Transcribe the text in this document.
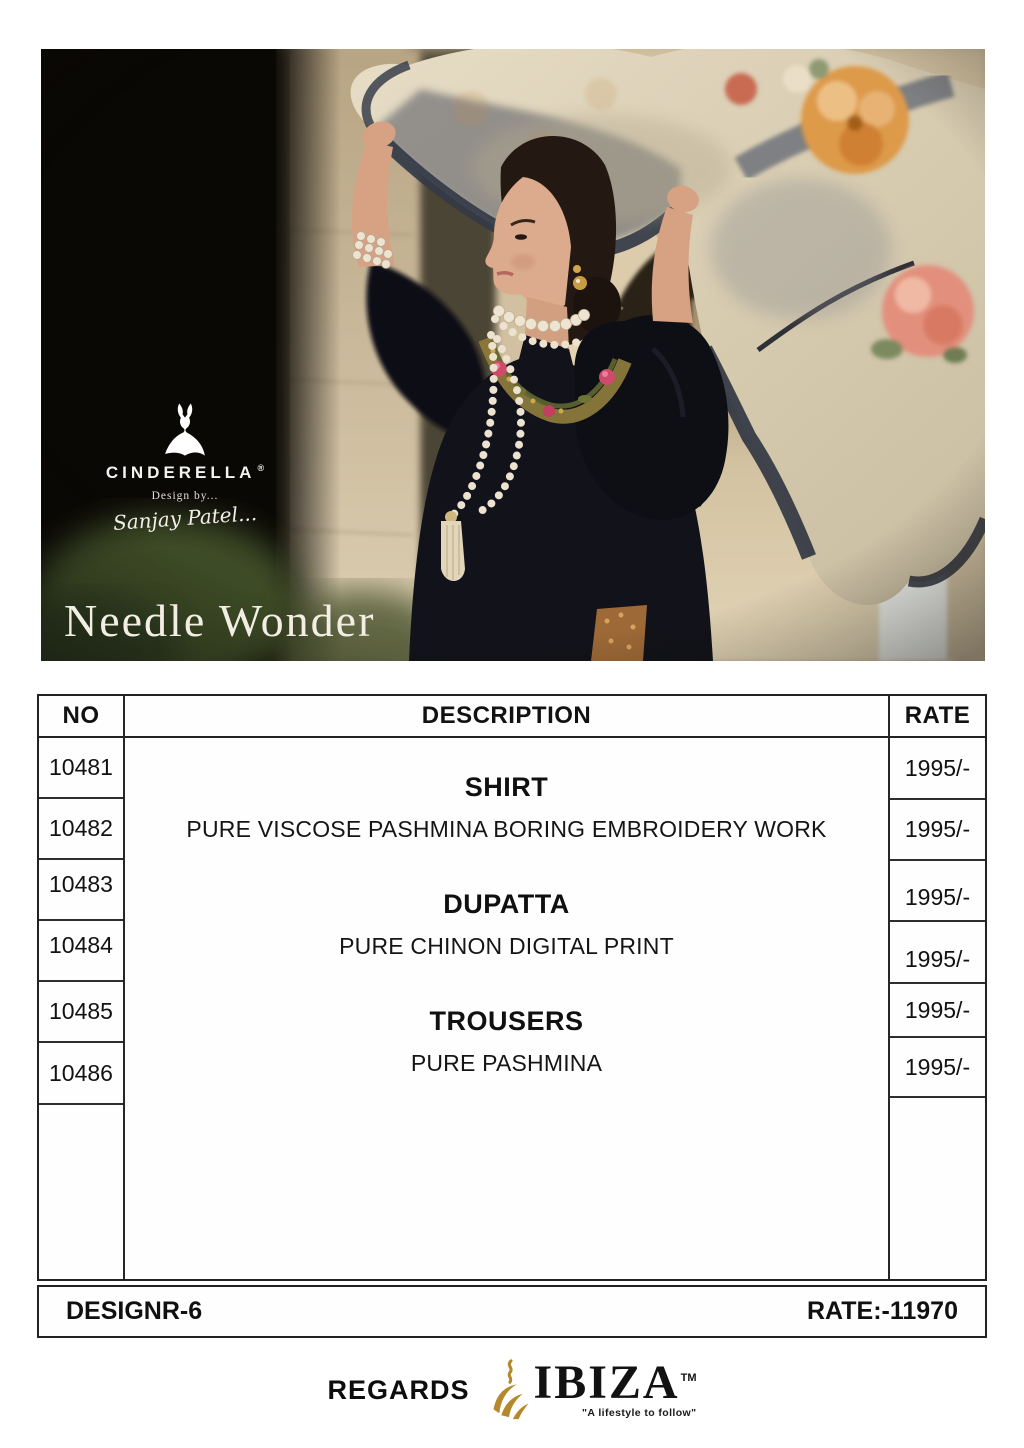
CINDERELLA ®
Design by...
Sanjay Patel...
Needle Wonder
NO
10481
10482
10483
10484
10485
10486
DESCRIPTION
SHIRT
PURE VISCOSE PASHMINA BORING EMBROIDERY WORK
DUPATTA
PURE CHINON DIGITAL PRINT
TROUSERS
PURE PASHMINA
RATE
1995/-
1995/-
1995/-
1995/-
1995/-
1995/-
DESIGNR-6	RATE:-11970
REGARDS IBIZA™
"A lifestyle to follow"
